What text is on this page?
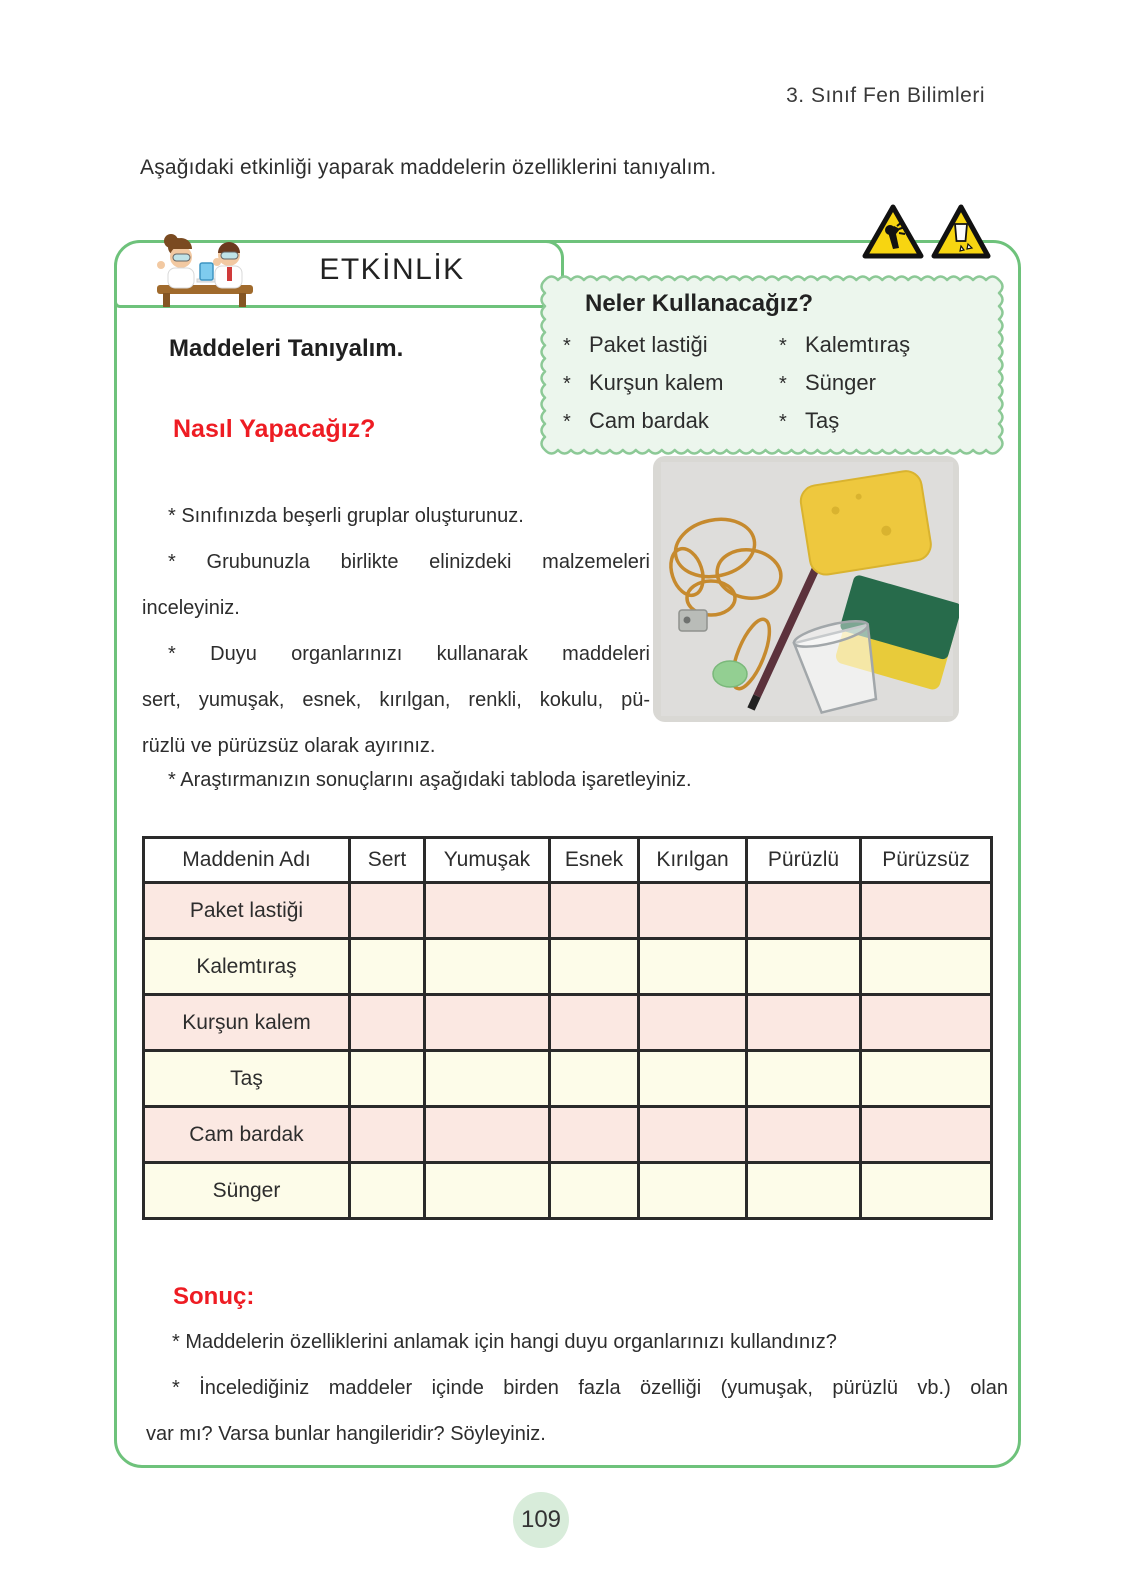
3. Sınıf Fen Bilimleri
Aşağıdaki etkinliği yaparak maddelerin özelliklerini tanıyalım.
ETKİNLİK
Neler Kullanacağız?
* Paket lastiği
* Kurşun kalem
* Cam bardak
* Kalemtıraş
* Sünger
* Taş
Maddeleri Tanıyalım.
Nasıl Yapacağız?
* Sınıfınızda beşerli gruplar oluşturunuz.
* Grubunuzla birlikte elinizdeki malzemeleri
inceleyiniz.
* Duyu organlarınızı kullanarak maddeleri
sert, yumuşak, esnek, kırılgan, renkli, kokulu, pü-
rüzlü ve pürüzsüz olarak ayırınız.
* Araştırmanızın sonuçlarını aşağıdaki tabloda işaretleyiniz.
Maddenin Adı	Sert	Yumuşak	Esnek	Kırılgan	Pürüzlü	Pürüzsüz
Paket lastiği						
Kalemtıraş						
Kurşun kalem						
Taş						
Cam bardak						
Sünger						
Sonuç:
* Maddelerin özelliklerini anlamak için hangi duyu organlarınızı kullandınız?
* İncelediğiniz maddeler içinde birden fazla özelliği (yumuşak, pürüzlü vb.) olan
var mı? Varsa bunlar hangileridir? Söyleyiniz.
109
